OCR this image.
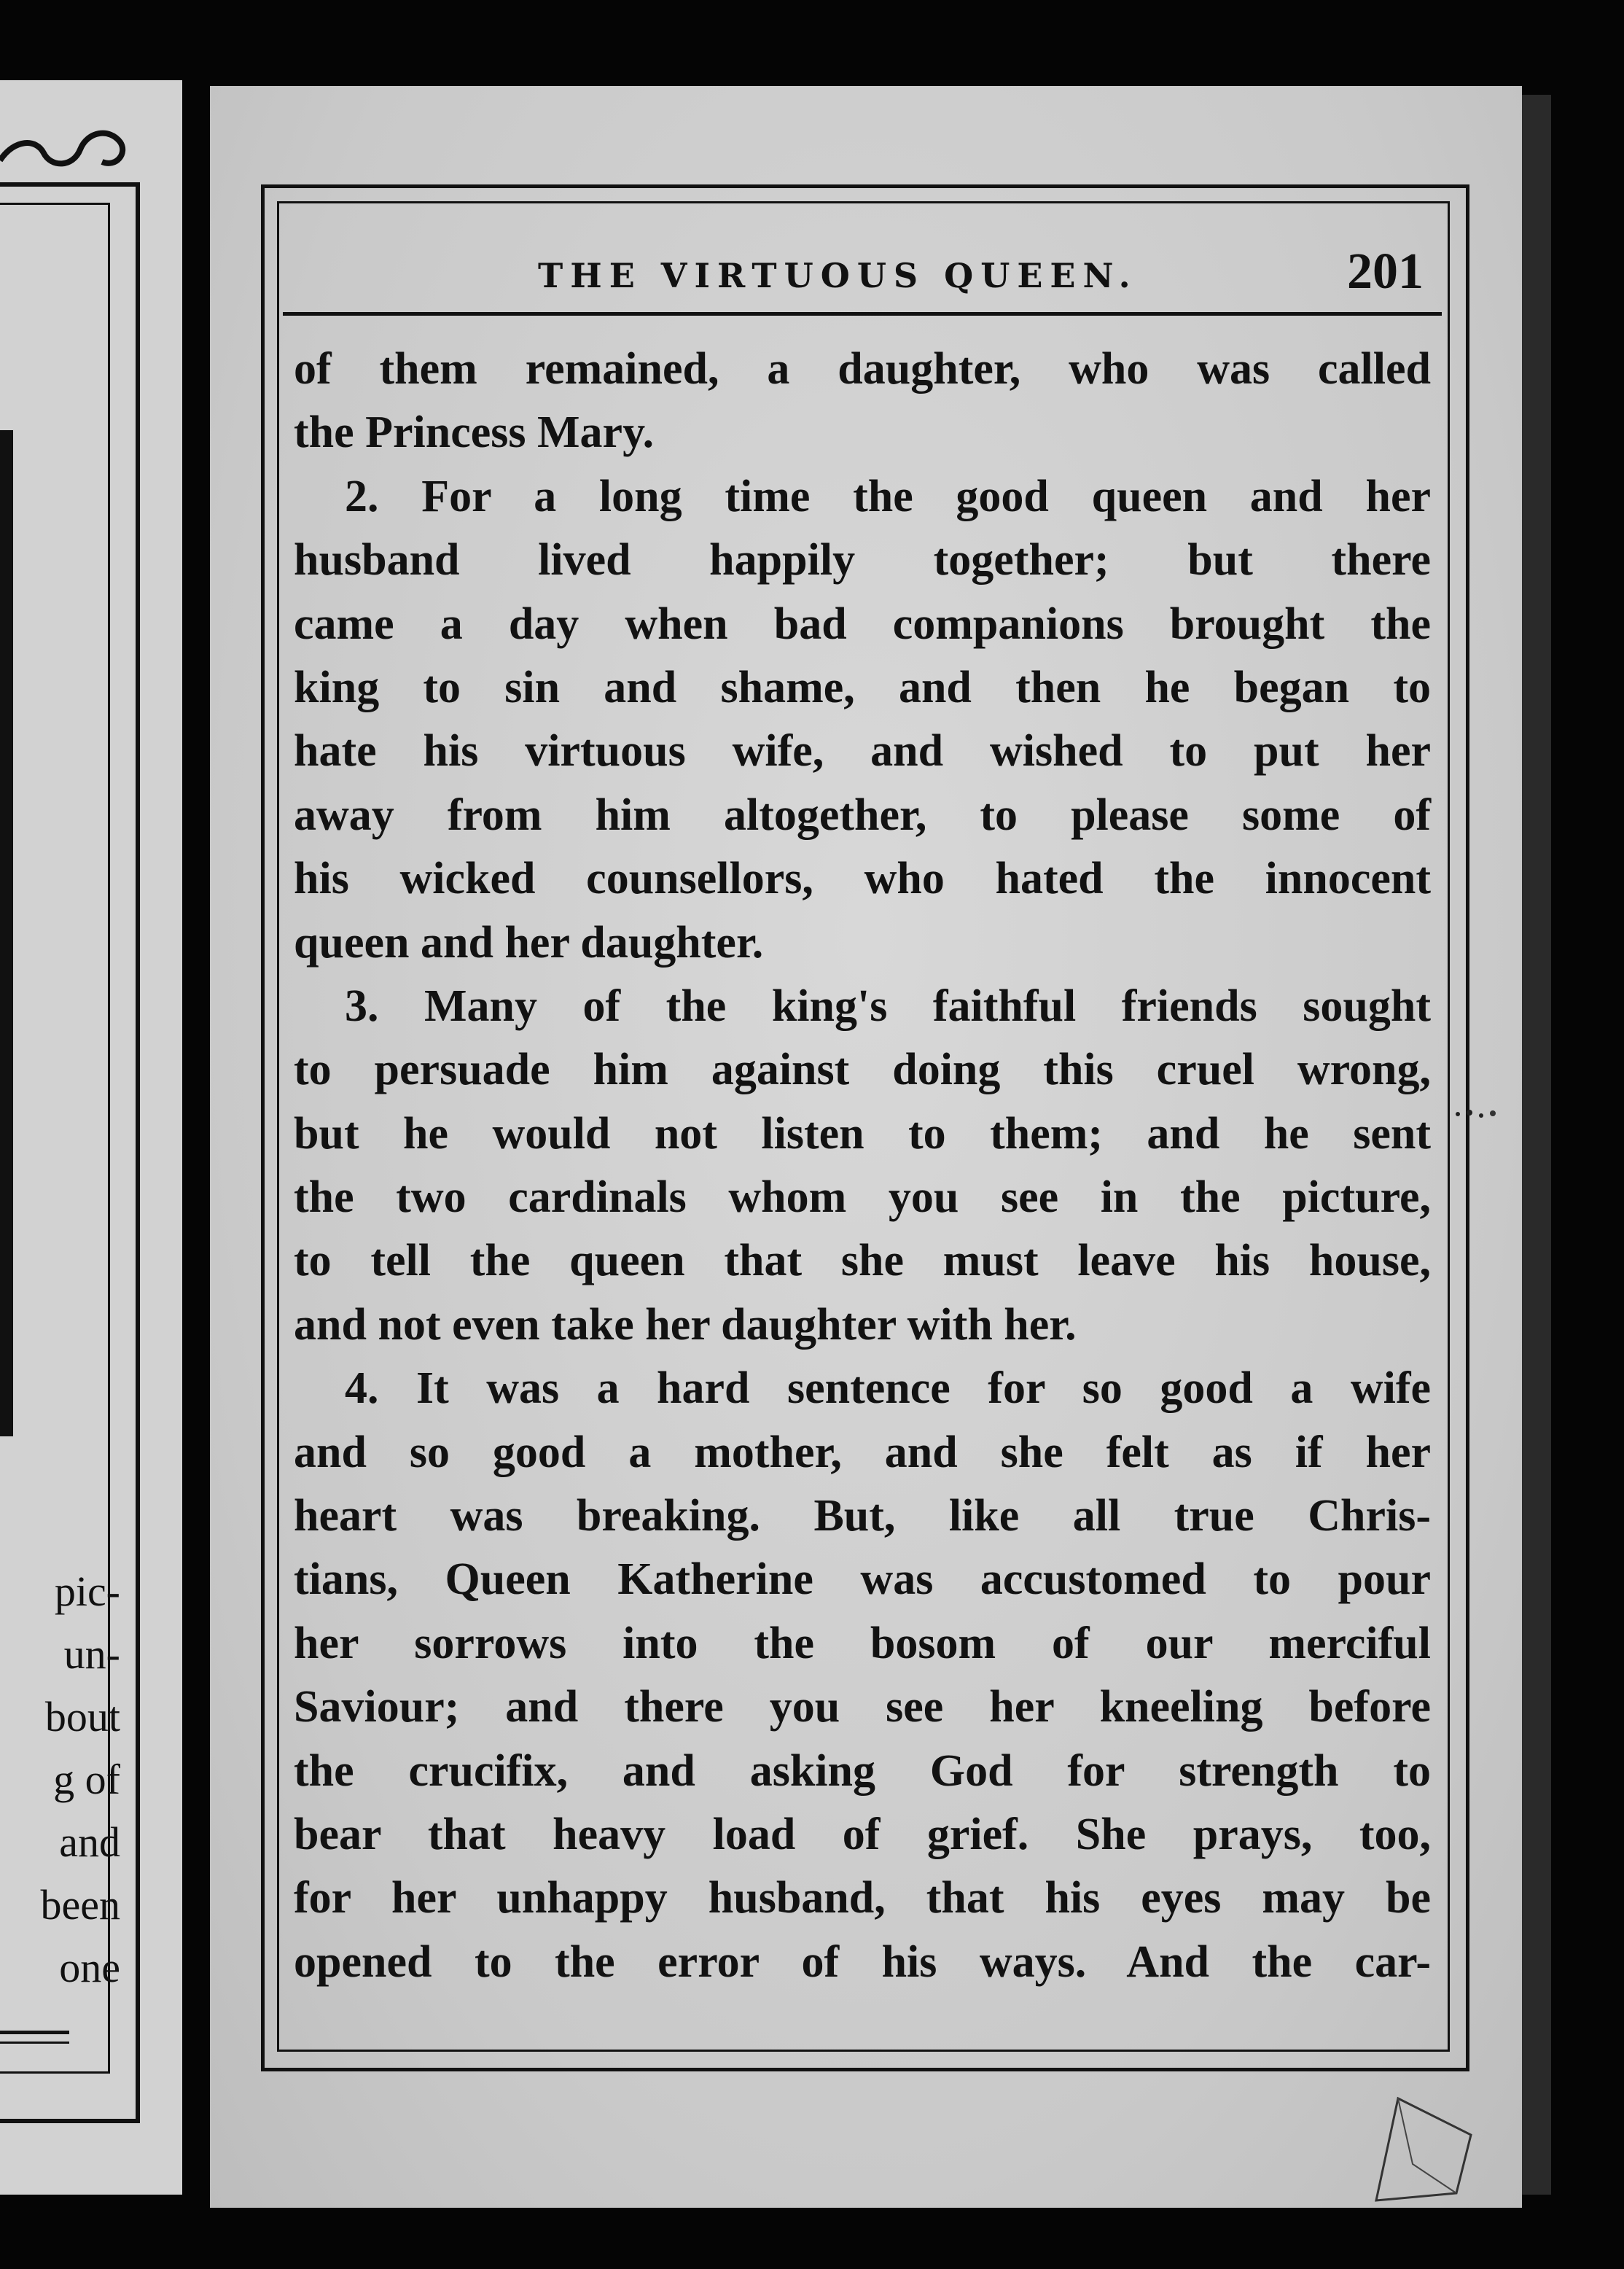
pic-
un-
bout
g of
and
been
one
THE VIRTUOUS QUEEN.	201
of them remained, a daughter, who was called
the Princess Mary.
2. For a long time the good queen and her
husband lived happily together; but there
came a day when bad companions brought the
king to sin and shame, and then he began to
hate his virtuous wife, and wished to put her
away from him altogether, to please some of
his wicked counsellors, who hated the innocent
queen and her daughter.
3. Many of the king's faithful friends sought
to persuade him against doing this cruel wrong,
but he would not listen to them; and he sent
the two cardinals whom you see in the picture,
to tell the queen that she must leave his house,
and not even take her daughter with her.
4. It was a hard sentence for so good a wife
and so good a mother, and she felt as if her
heart was breaking. But, like all true Chris-
tians, Queen Katherine was accustomed to pour
her sorrows into the bosom of our merciful
Saviour; and there you see her kneeling before
the crucifix, and asking God for strength to
bear that heavy load of grief. She prays, too,
for her unhappy husband, that his eyes may be
opened to the error of his ways. And the car-
